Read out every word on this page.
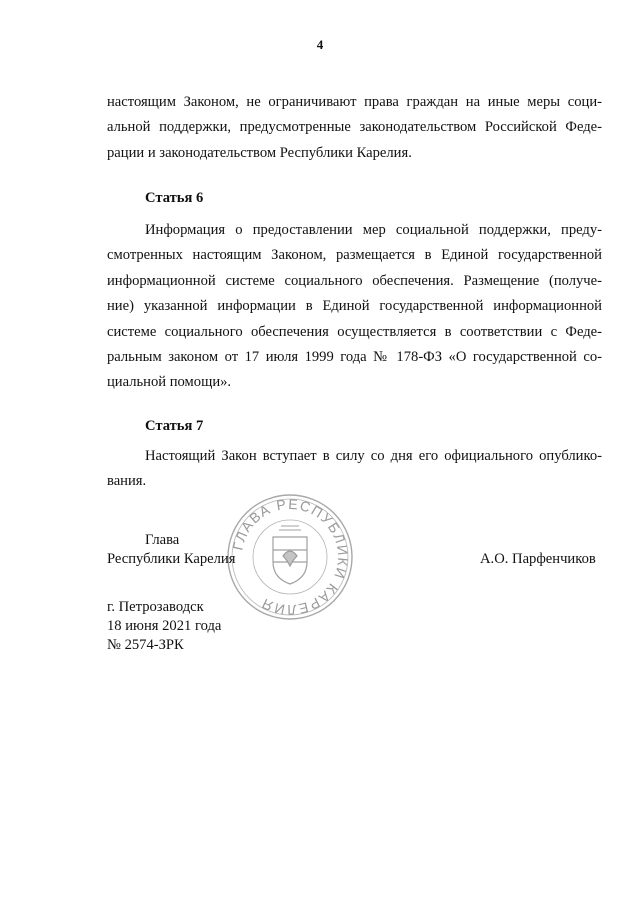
4
настоящим Законом, не ограничивают права граждан на иные меры соци-
альной поддержки, предусмотренные законодательством Российской Феде-
рации и законодательством Республики Карелия.
Статья 6
Информация о предоставлении мер социальной поддержки, преду-
смотренных настоящим Законом, размещается в Единой государственной
информационной системе социального обеспечения. Размещение (получе-
ние) указанной информации в Единой государственной информационной
системе социального обеспечения осуществляется в соответствии с Феде-
ральным законом от 17 июля 1999 года № 178-ФЗ «О государственной со-
циальной помощи».
Статья 7
Настоящий Закон вступает в силу со дня его официального опублико-
вания.
ГЛАВА РЕСПУБЛИКИ КАРЕЛИЯ
Глава
Республики Карелия	А.О. Парфенчиков
г. Петрозаводск
18 июня 2021 года
№ 2574-ЗРК
